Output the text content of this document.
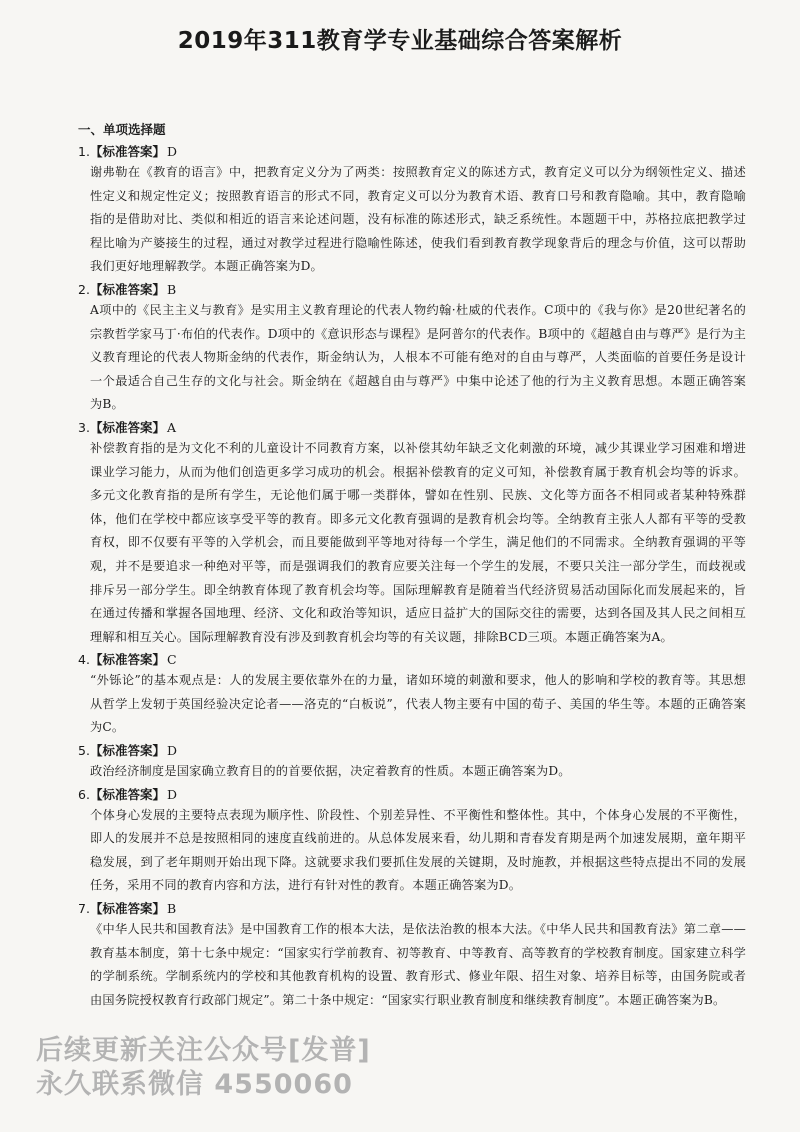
2019年311教育学专业基础综合答案解析
一、单项选择题
1.【标准答案】 D
谢弗勒在《教育的语言》中，把教育定义分为了两类：按照教育定义的陈述方式，教育定义可以分为纲领性定义、描述性定义和规定性定义；按照教育语言的形式不同，教育定义可以分为教育术语、教育口号和教育隐喻。其中，教育隐喻指的是借助对比、类似和相近的语言来论述问题，没有标准的陈述形式，缺乏系统性。本题题干中，苏格拉底把教学过程比喻为产婆接生的过程，通过对教学过程进行隐喻性陈述，使我们看到教育教学现象背后的理念与价值，这可以帮助我们更好地理解教学。本题正确答案为D。
2.【标准答案】 B
A项中的《民主主义与教育》是实用主义教育理论的代表人物约翰·杜威的代表作。C项中的《我与你》是20世纪著名的宗教哲学家马丁·布伯的代表作。D项中的《意识形态与课程》是阿普尔的代表作。B项中的《超越自由与尊严》是行为主义教育理论的代表人物斯金纳的代表作，斯金纳认为，人根本不可能有绝对的自由与尊严，人类面临的首要任务是设计一个最适合自己生存的文化与社会。斯金纳在《超越自由与尊严》中集中论述了他的行为主义教育思想。本题正确答案为B。
3.【标准答案】 A
补偿教育指的是为文化不利的儿童设计不同教育方案，以补偿其幼年缺乏文化刺激的环境，减少其课业学习困难和增进课业学习能力，从而为他们创造更多学习成功的机会。根据补偿教育的定义可知，补偿教育属于教育机会均等的诉求。多元文化教育指的是所有学生，无论他们属于哪一类群体，譬如在性别、民族、文化等方面各不相同或者某种特殊群体，他们在学校中都应该享受平等的教育。即多元文化教育强调的是教育机会均等。全纳教育主张人人都有平等的受教育权，即不仅要有平等的入学机会，而且要能做到平等地对待每一个学生，满足他们的不同需求。全纳教育强调的平等观，并不是要追求一种绝对平等，而是强调我们的教育应要关注每一个学生的发展，不要只关注一部分学生，而歧视或排斥另一部分学生。即全纳教育体现了教育机会均等。国际理解教育是随着当代经济贸易活动国际化而发展起来的，旨在通过传播和掌握各国地理、经济、文化和政治等知识，适应日益扩大的国际交往的需要，达到各国及其人民之间相互理解和相互关心。国际理解教育没有涉及到教育机会均等的有关议题，排除BCD三项。本题正确答案为A。
4.【标准答案】 C
“外铄论”的基本观点是：人的发展主要依靠外在的力量，诸如环境的刺激和要求，他人的影响和学校的教育等。其思想从哲学上发轫于英国经验决定论者——洛克的“白板说”，代表人物主要有中国的荀子、美国的华生等。本题的正确答案为C。
5.【标准答案】 D
政治经济制度是国家确立教育目的的首要依据，决定着教育的性质。本题正确答案为D。
6.【标准答案】 D
个体身心发展的主要特点表现为顺序性、阶段性、个别差异性、不平衡性和整体性。其中，个体身心发展的不平衡性，即人的发展并不总是按照相同的速度直线前进的。从总体发展来看，幼儿期和青春发育期是两个加速发展期，童年期平稳发展，到了老年期则开始出现下降。这就要求我们要抓住发展的关键期，及时施教，并根据这些特点提出不同的发展任务，采用不同的教育内容和方法，进行有针对性的教育。本题正确答案为D。
7.【标准答案】 B
《中华人民共和国教育法》是中国教育工作的根本大法，是依法治教的根本大法。《中华人民共和国教育法》第二章——教育基本制度，第十七条中规定：“国家实行学前教育、初等教育、中等教育、高等教育的学校教育制度。国家建立科学的学制系统。学制系统内的学校和其他教育机构的设置、教育形式、修业年限、招生对象、培养目标等，由国务院或者由国务院授权教育行政部门规定”。第二十条中规定：“国家实行职业教育制度和继续教育制度”。本题正确答案为B。
后续更新关注公众号[发普]
永久联系微信 4550060
